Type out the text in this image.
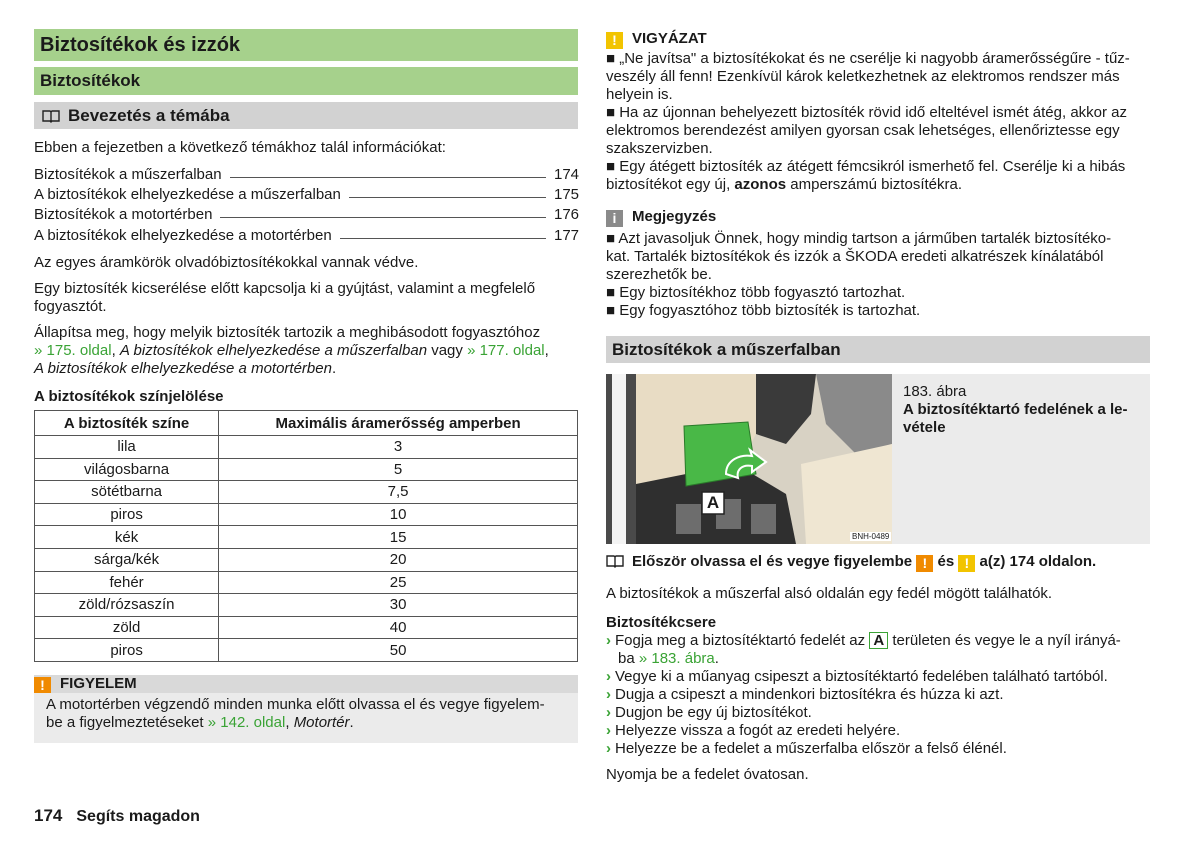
Biztosítékok és izzók
Biztosítékok
Bevezetés a témába

Ebben a fejezetben a következő témákhoz talál információkat:

Biztosítékok a műszerfalban	174
A biztosítékok elhelyezkedése a műszerfalban	175
Biztosítékok a motortérben	176
A biztosítékok elhelyezkedése a motortérben	177

Az egyes áramkörök olvadóbiztosítékokkal vannak védve.

Egy biztosíték kicserélése előtt kapcsolja ki a gyújtást, valamint a megfelelő
fogyasztót.

Állapítsa meg, hogy melyik biztosíték tartozik a meghibásodott fogyasztóhoz
» 175. oldal, A biztosítékok elhelyezkedése a műszerfalban vagy » 177. oldal,
A biztosítékok elhelyezkedése a motortérben.

A biztosítékok színjelölése

A biztosíték színe	Maximális áramerősség amperben
lila	3
világosbarna	5
sötétbarna	7,5
piros	10
kék	15
sárga/kék	20
fehér	25
zöld/rózsaszín	30
zöld	40
piros	50
! FIGYELEM

A motortérben végzendő minden munka előtt olvassa el és vegye figyelem-

be a figyelmeztetéseket » 142. oldal, Motortér.

174 Segíts magadon
! VIGYÁZAT

■ „Ne javítsa" a biztosítékokat és ne cserélje ki nagyobb áramerősségűre - tűz-

veszély áll fenn! Ezenkívül károk keletkezhetnek az elektromos rendszer más

helyein is.

■ Ha az újonnan behelyezett biztosíték rövid idő elteltével ismét átég, akkor az

elektromos berendezést amilyen gyorsan csak lehetséges, ellenőriztesse egy

szakszervizben.

■ Egy átégett biztosíték az átégett fémcsikról ismerhető fel. Cserélje ki a hibás

biztosítékot egy új, azonos amperszámú biztosítékra.

i Megjegyzés

■ Azt javasoljuk Önnek, hogy mindig tartson a járműben tartalék biztosítéko-

kat. Tartalék biztosítékok és izzók a ŠKODA eredeti alkatrészek kínálatából

szerezhetők be.

■ Egy biztosítékhoz több fogyasztó tartozhat.

■ Egy fogyasztóhoz több biztosíték is tartozhat.

Biztosítékok a műszerfalban
A
BNH-0489

183. ábra

A biztosítéktartó fedelének a le-

vétele

Először olvassa el és vegye figyelembe ! és ! a(z) 174 oldalon.

A biztosítékok a műszerfal alsó oldalán egy fedél mögött találhatók.

Biztosítékcsere

› Fogja meg a biztosítéktartó fedelét az A területen és vegye le a nyíl irányá-

ba » 183. ábra.

› Vegye ki a műanyag csipeszt a biztosítéktartó fedelében található tartóból.

› Dugja a csipeszt a mindenkori biztosítékra és húzza ki azt.

› Dugjon be egy új biztosítékot.

› Helyezze vissza a fogót az eredeti helyére.

› Helyezze be a fedelet a műszerfalba először a felső élénél.

Nyomja be a fedelet óvatosan.
